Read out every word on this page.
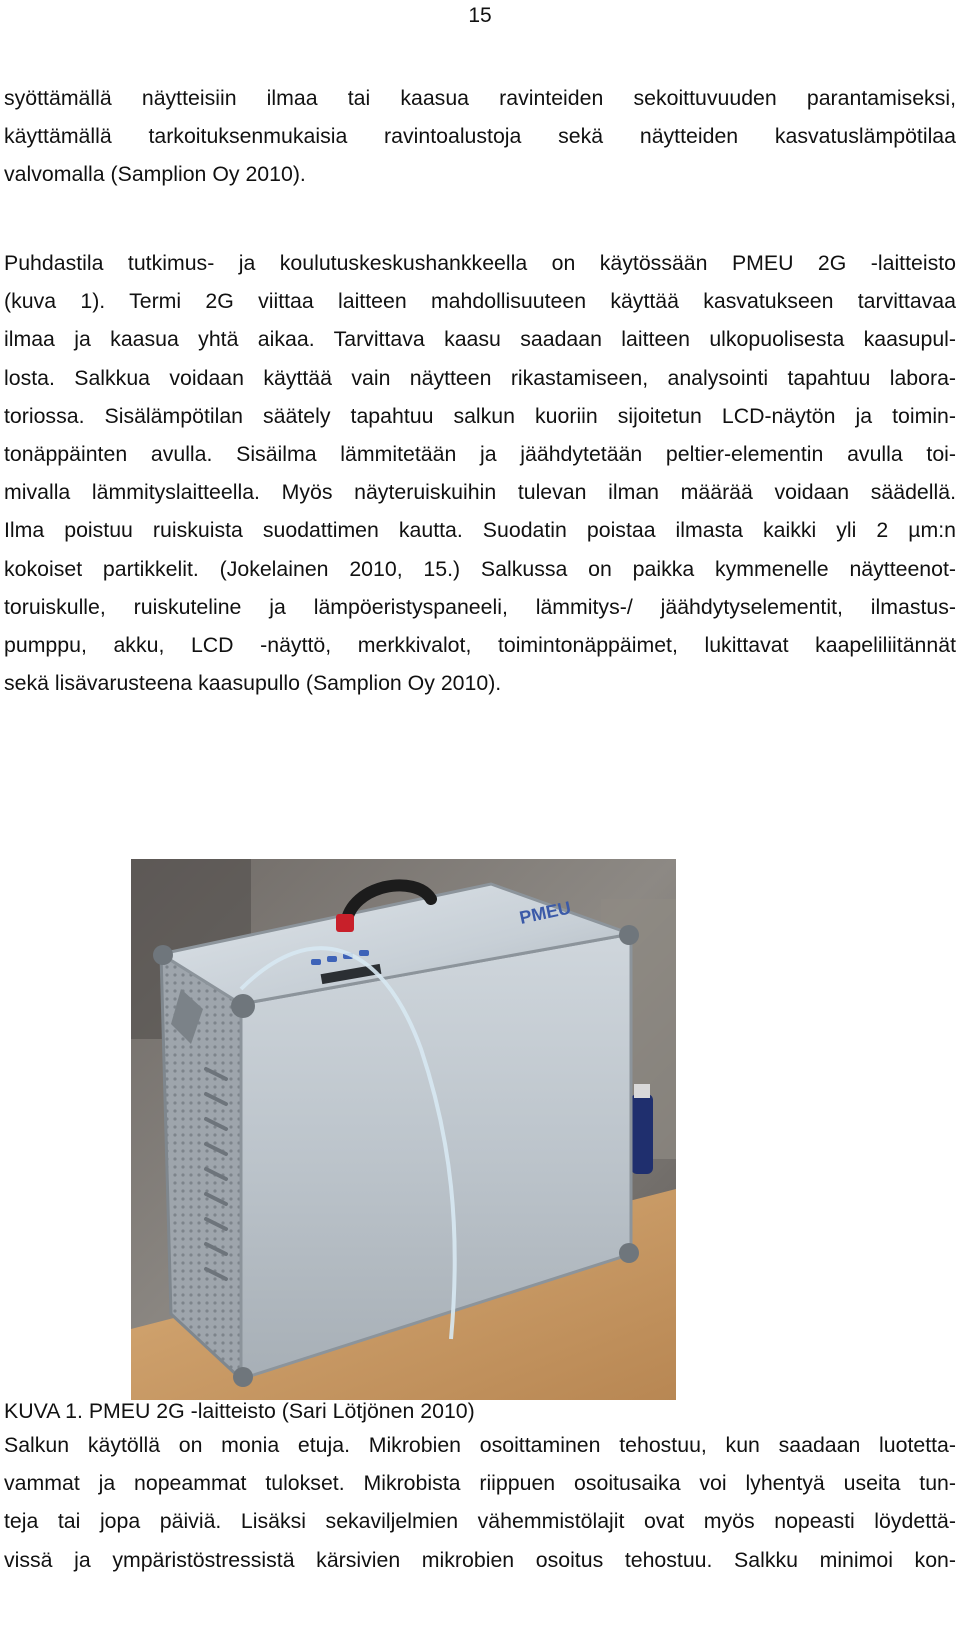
15
syöttämällä näytteisiin ilmaa tai kaasua ravinteiden sekoittuvuuden parantamiseksi,
käyttämällä tarkoituksenmukaisia ravintoalustoja sekä näytteiden kasvatuslämpötilaa
valvomalla (Samplion Oy 2010).
Puhdastila tutkimus- ja koulutuskeskushankkeella on käytössään PMEU 2G -laitteisto
(kuva 1). Termi 2G viittaa laitteen mahdollisuuteen käyttää kasvatukseen tarvittavaa
ilmaa ja kaasua yhtä aikaa. Tarvittava kaasu saadaan laitteen ulkopuolisesta kaasupul-
losta. Salkkua voidaan käyttää vain näytteen rikastamiseen, analysointi tapahtuu labora-
toriossa. Sisälämpötilan säätely tapahtuu salkun kuoriin sijoitetun LCD-näytön ja toimin-
tonäppäinten avulla. Sisäilma lämmitetään ja jäähdytetään peltier-elementin avulla toi-
mivalla lämmityslaitteella. Myös näyteruiskuihin tulevan ilman määrää voidaan säädellä.
Ilma poistuu ruiskuista suodattimen kautta. Suodatin poistaa ilmasta kaikki yli 2 µm:n
kokoiset partikkelit. (Jokelainen 2010, 15.) Salkussa on paikka kymmenelle näytteenot-
toruiskulle, ruiskuteline ja lämpöeristyspaneeli, lämmitys-/ jäähdytyselementit, ilmastus-
pumppu, akku, LCD -näyttö, merkkivalot, toimintonäppäimet, lukittavat kaapeliliitännät
sekä lisävarusteena kaasupullo (Samplion Oy 2010).
PMEU
KUVA 1. PMEU 2G -laitteisto (Sari Lötjönen 2010)
Salkun käytöllä on monia etuja. Mikrobien osoittaminen tehostuu, kun saadaan luotetta-
vammat ja nopeammat tulokset. Mikrobista riippuen osoitusaika voi lyhentyä useita tun-
teja tai jopa päiviä. Lisäksi sekaviljelmien vähemmistölajit ovat myös nopeasti löydettä-
vissä ja ympäristöstressistä kärsivien mikrobien osoitus tehostuu. Salkku minimoi kon-
